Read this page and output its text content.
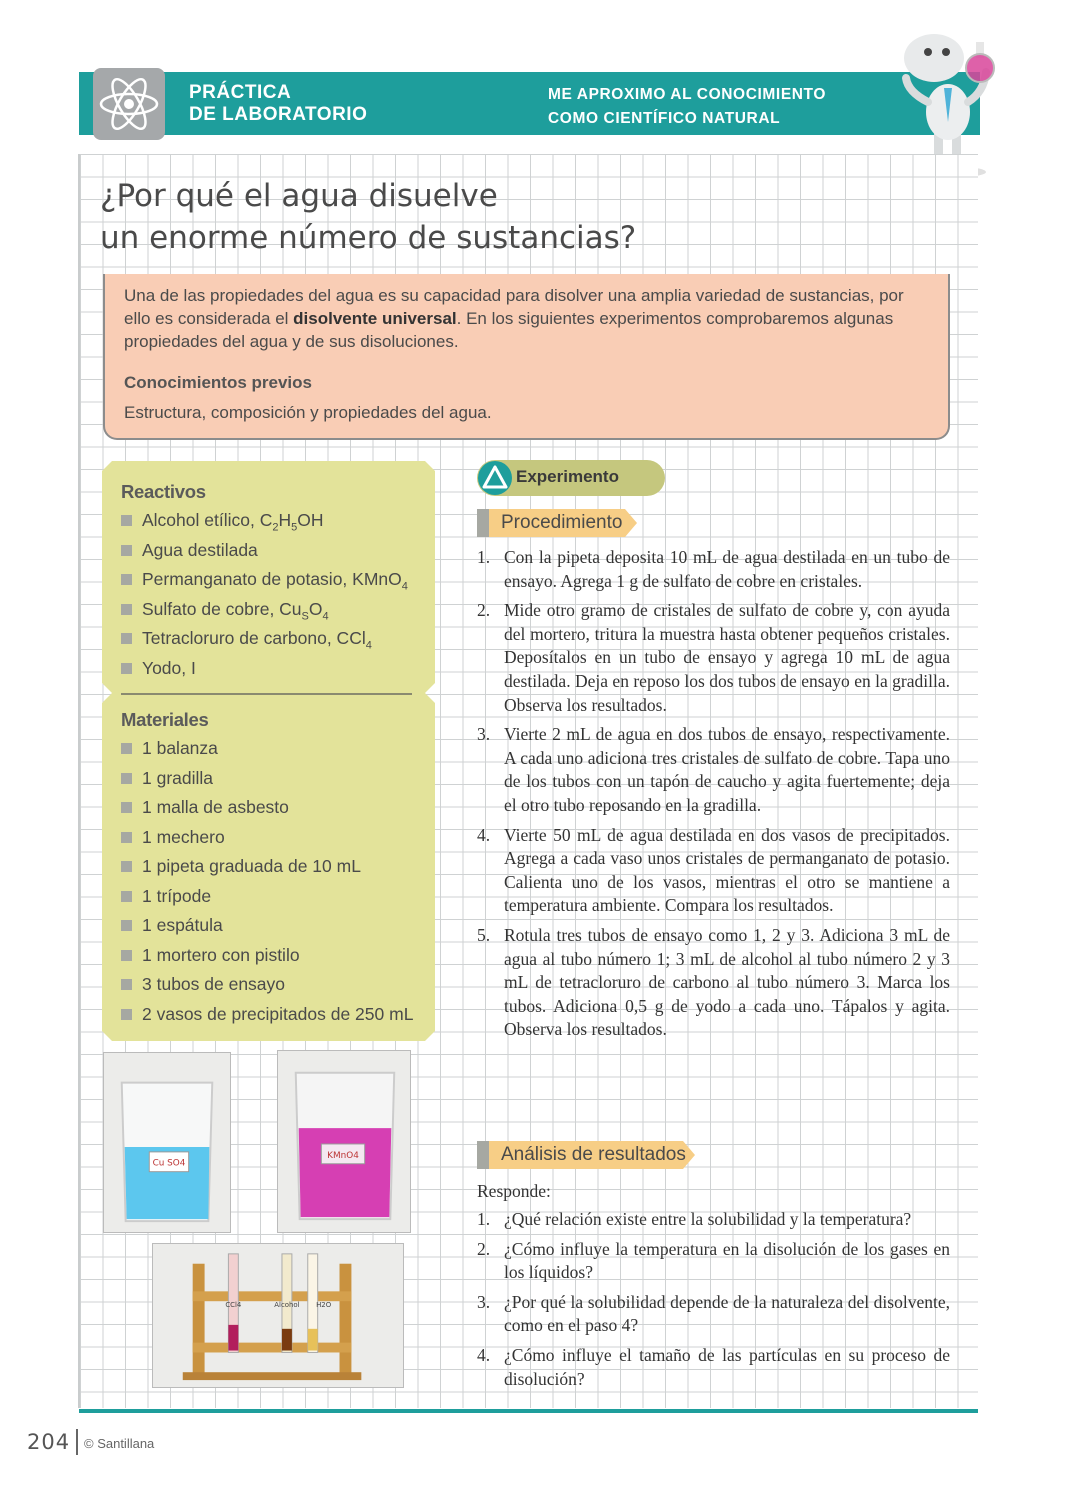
PRÁCTICA
DE LABORATORIO
ME APROXIMO AL CONOCIMIENTO
COMO CIENTÍFICO NATURAL
¿Por qué el agua disuelve
un enorme número de sustancias?

Una de las propiedades del agua es su capacidad para disolver una amplia variedad de sustancias, por ello es considerada el disolvente universal. En los siguientes experimentos comprobaremos algunas propiedades del agua y de sus disoluciones.

Conocimientos previos

Estructura, composición y propiedades del agua.

Reactivos
Alcohol etílico, $C_2H_5OH$
Agua destilada
Permanganato de potasio, KMnO$_4$
Sulfato de cobre, $Cu_SO_4$
Tetracloruro de carbono, CCl$_4$
Yodo, I
Materiales
1 balanza
1 gradilla
1 malla de asbesto
1 mechero
1 pipeta graduada de 10 mL
1 trípode
1 espátula
1 mortero con pistilo
3 tubos de ensayo
2 vasos de precipitados de 250 mL
Cu SO4
KMnO4
CCl4	Alcohol H2O
Experimento
Procedimiento
1. Con la pipeta deposita 10 mL de agua destilada en un tubo de ensayo. Agrega 1 g de sulfato de cobre en cristales.
2. Mide otro gramo de cristales de sulfato de cobre y, con ayuda del mortero, tritura la muestra hasta obtener pequeños cristales. Deposítalos en un tubo de ensayo y agrega 10 mL de agua destilada. Deja en reposo los dos tubos de ensayo en la gradilla. Observa los resultados.
3. Vierte 2 mL de agua en dos tubos de ensayo, respectivamente. A cada uno adiciona tres cristales de sulfato de cobre. Tapa uno de los tubos con un tapón de caucho y agita fuertemente; deja el otro tubo reposando en la gradilla.
4. Vierte 50 mL de agua destilada en dos vasos de precipitados. Agrega a cada vaso unos cristales de permanganato de potasio. Calienta uno de los vasos, mientras el otro se mantiene a temperatura ambiente. Compara los resultados.
5. Rotula tres tubos de ensayo como 1, 2 y 3. Adiciona 3 mL de agua al tubo número 1; 3 mL de alcohol al tubo número 2 y 3 mL de tetracloruro de carbono al tubo número 3. Marca los tubos. Adiciona 0,5 g de yodo a cada uno. Tápalos y agita. Observa los resultados.
Análisis de resultados
Responde:
1. ¿Qué relación existe entre la solubilidad y la temperatura?
2. ¿Cómo influye la temperatura en la disolución de los gases en los líquidos?
3. ¿Por qué la solubilidad depende de la naturaleza del disolvente, como en el paso 4?
4. ¿Cómo influye el tamaño de las partículas en su proceso de disolución?
204 © Santillana
